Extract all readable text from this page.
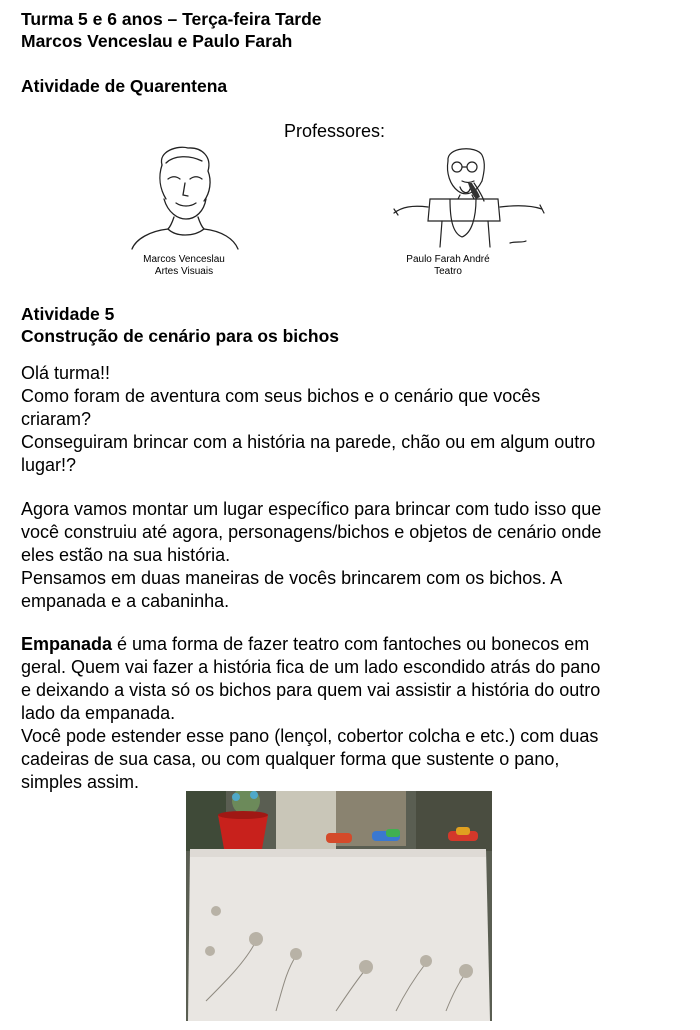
Turma 5 e 6 anos – Terça-feira Tarde
Marcos Venceslau e Paulo Farah
Atividade de Quarentena
Professores:
Marcos Venceslau
Artes Visuais
Paulo Farah André
Teatro
Atividade 5
Construção de cenário para os bichos
Olá turma!!
Como foram de aventura com seus bichos e o cenário que vocês
criaram?
Conseguiram brincar com a história na parede, chão ou em algum outro
lugar!?
Agora vamos montar um lugar específico para brincar com tudo isso que
você construiu até agora, personagens/bichos e objetos de cenário onde
eles estão na sua história.
Pensamos em duas maneiras de vocês brincarem com os bichos. A
empanada e a cabaninha.
Empanada é uma forma de fazer teatro com fantoches ou bonecos em
geral. Quem vai fazer a história fica de um lado escondido atrás do pano
e deixando a vista só os bichos para quem vai assistir a história do outro
lado da empanada.
Você pode estender esse pano (lençol, cobertor colcha e etc.) com duas
cadeiras de sua casa, ou com qualquer forma que sustente o pano,
simples assim.
